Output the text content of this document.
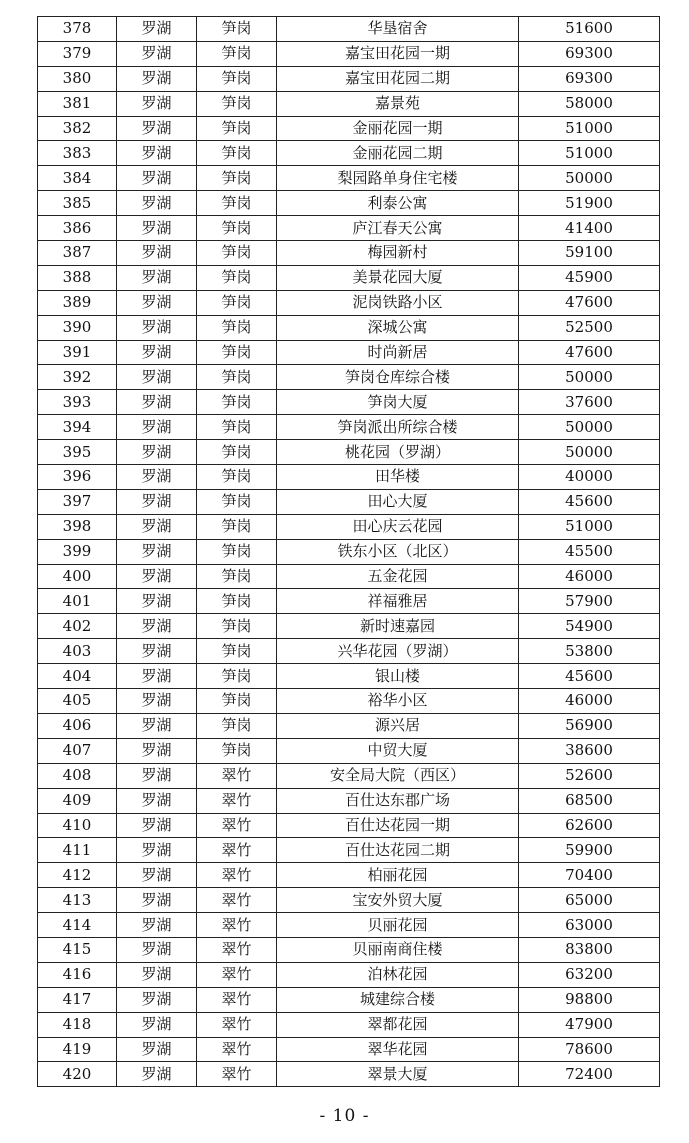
378	罗湖	笋岗	华垦宿舍	51600
379	罗湖	笋岗	嘉宝田花园一期	69300
380	罗湖	笋岗	嘉宝田花园二期	69300
381	罗湖	笋岗	嘉景苑	58000
382	罗湖	笋岗	金丽花园一期	51000
383	罗湖	笋岗	金丽花园二期	51000
384	罗湖	笋岗	梨园路单身住宅楼	50000
385	罗湖	笋岗	利泰公寓	51900
386	罗湖	笋岗	庐江春天公寓	41400
387	罗湖	笋岗	梅园新村	59100
388	罗湖	笋岗	美景花园大厦	45900
389	罗湖	笋岗	泥岗铁路小区	47600
390	罗湖	笋岗	深城公寓	52500
391	罗湖	笋岗	时尚新居	47600
392	罗湖	笋岗	笋岗仓库综合楼	50000
393	罗湖	笋岗	笋岗大厦	37600
394	罗湖	笋岗	笋岗派出所综合楼	50000
395	罗湖	笋岗	桃花园（罗湖）	50000
396	罗湖	笋岗	田华楼	40000
397	罗湖	笋岗	田心大厦	45600
398	罗湖	笋岗	田心庆云花园	51000
399	罗湖	笋岗	铁东小区（北区）	45500
400	罗湖	笋岗	五金花园	46000
401	罗湖	笋岗	祥福雅居	57900
402	罗湖	笋岗	新时速嘉园	54900
403	罗湖	笋岗	兴华花园（罗湖）	53800
404	罗湖	笋岗	银山楼	45600
405	罗湖	笋岗	裕华小区	46000
406	罗湖	笋岗	源兴居	56900
407	罗湖	笋岗	中贸大厦	38600
408	罗湖	翠竹	安全局大院（西区）	52600
409	罗湖	翠竹	百仕达东郡广场	68500
410	罗湖	翠竹	百仕达花园一期	62600
411	罗湖	翠竹	百仕达花园二期	59900
412	罗湖	翠竹	柏丽花园	70400
413	罗湖	翠竹	宝安外贸大厦	65000
414	罗湖	翠竹	贝丽花园	63000
415	罗湖	翠竹	贝丽南商住楼	83800
416	罗湖	翠竹	泊林花园	63200
417	罗湖	翠竹	城建综合楼	98800
418	罗湖	翠竹	翠都花园	47900
419	罗湖	翠竹	翠华花园	78600
420	罗湖	翠竹	翠景大厦	72400
- 10 -
